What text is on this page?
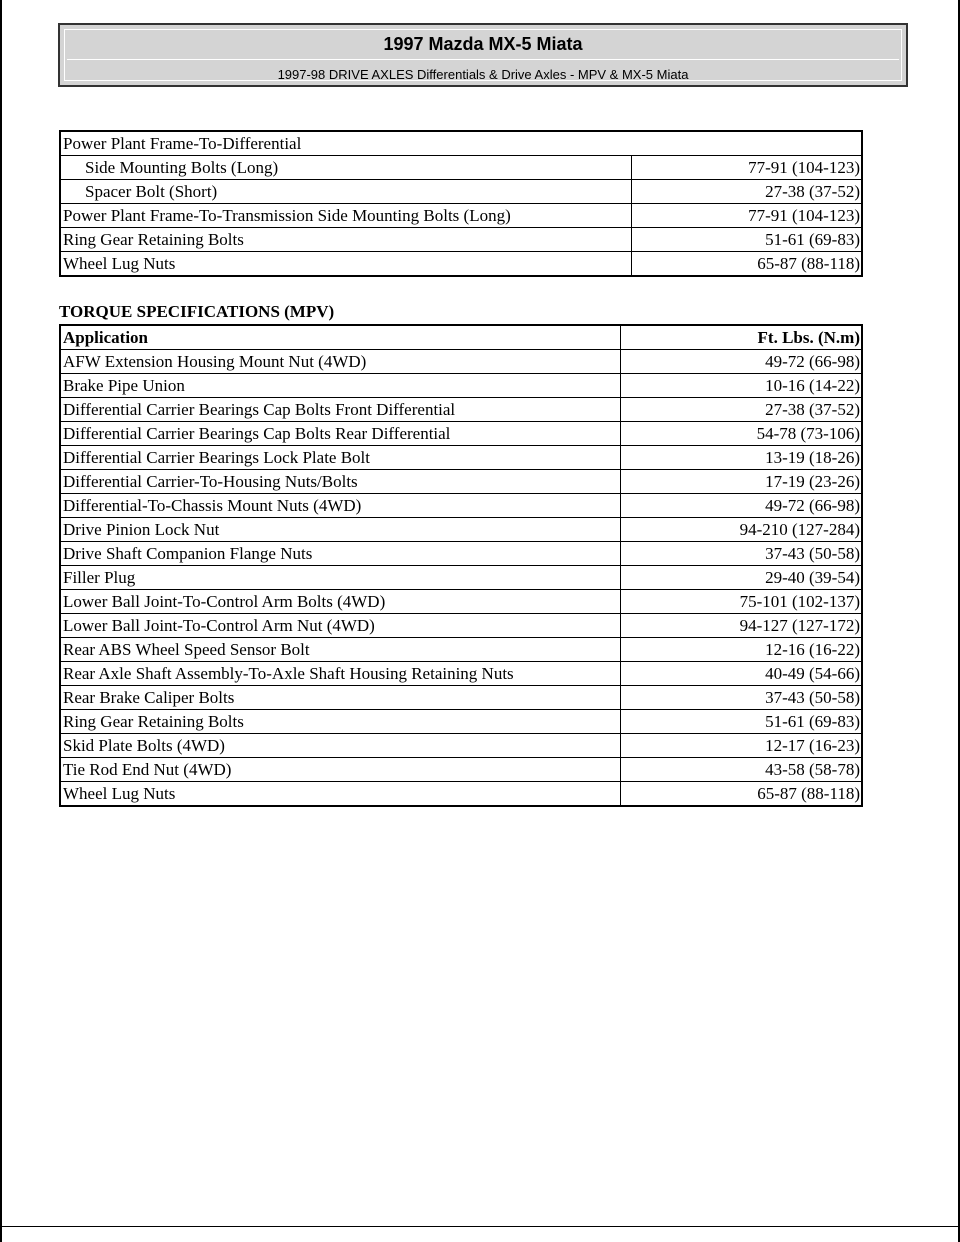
1997 Mazda MX-5 Miata
1997-98 DRIVE AXLES Differentials & Drive Axles - MPV & MX-5 Miata
Power Plant Frame-To-Differential	
Side Mounting Bolts (Long)	77-91 (104-123)
Spacer Bolt (Short)	27-38 (37-52)
Power Plant Frame-To-Transmission Side Mounting Bolts (Long)	77-91 (104-123)
Ring Gear Retaining Bolts	51-61 (69-83)
Wheel Lug Nuts	65-87 (88-118)
TORQUE SPECIFICATIONS (MPV)
Application	Ft. Lbs. (N.m)
AFW Extension Housing Mount Nut (4WD)	49-72 (66-98)
Brake Pipe Union	10-16 (14-22)
Differential Carrier Bearings Cap Bolts Front Differential	27-38 (37-52)
Differential Carrier Bearings Cap Bolts Rear Differential	54-78 (73-106)
Differential Carrier Bearings Lock Plate Bolt	13-19 (18-26)
Differential Carrier-To-Housing Nuts/Bolts	17-19 (23-26)
Differential-To-Chassis Mount Nuts (4WD)	49-72 (66-98)
Drive Pinion Lock Nut	94-210 (127-284)
Drive Shaft Companion Flange Nuts	37-43 (50-58)
Filler Plug	29-40 (39-54)
Lower Ball Joint-To-Control Arm Bolts (4WD)	75-101 (102-137)
Lower Ball Joint-To-Control Arm Nut (4WD)	94-127 (127-172)
Rear ABS Wheel Speed Sensor Bolt	12-16 (16-22)
Rear Axle Shaft Assembly-To-Axle Shaft Housing Retaining Nuts	40-49 (54-66)
Rear Brake Caliper Bolts	37-43 (50-58)
Ring Gear Retaining Bolts	51-61 (69-83)
Skid Plate Bolts (4WD)	12-17 (16-23)
Tie Rod End Nut (4WD)	43-58 (58-78)
Wheel Lug Nuts	65-87 (88-118)
carmanualsonline.info
